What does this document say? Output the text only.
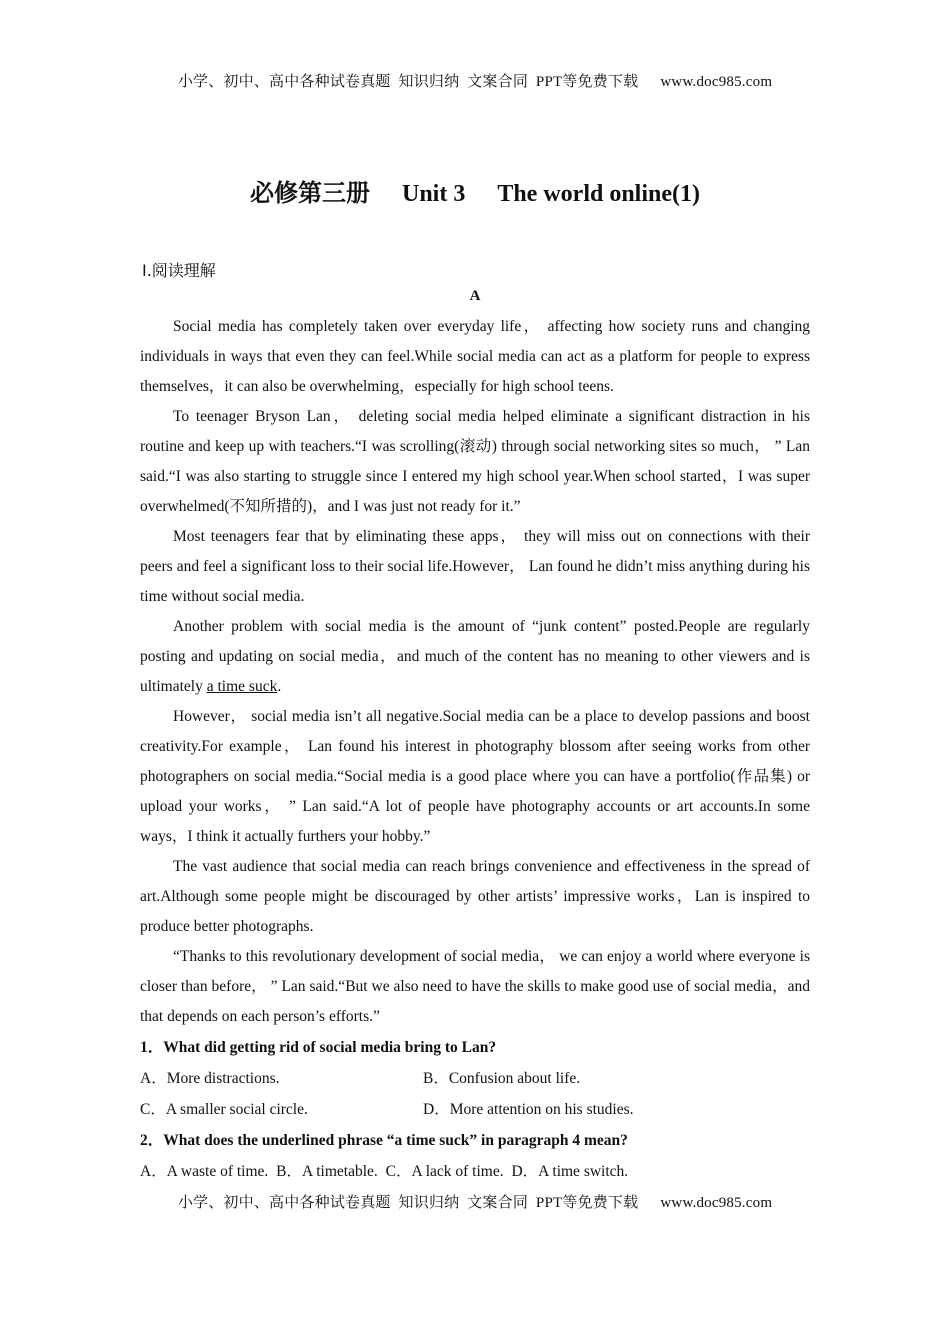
小学、初中、高中各种试卷真题  知识归纳  文案合同  PPT等免费下载 www.doc985.com
必修第三册 Unit 3 The world online(1)
Ⅰ.阅读理解
A

Social media has completely taken over everyday life， affecting how society runs and changing individuals in ways that even they can feel.While social media can act as a platform for people to express themselves，it can also be overwhelming，especially for high school teens.

To teenager Bryson Lan， deleting social media helped eliminate a significant distraction in his routine and keep up with teachers.“I was scrolling(滚动) through social networking sites so much， ” Lan said.“I was also starting to struggle since I entered my high school year.When school started，I was super overwhelmed(不知所措的)，and I was just not ready for it.”

Most teenagers fear that by eliminating these apps， they will miss out on connections with their peers and feel a significant loss to their social life.However， Lan found he didn’t miss anything during his time without social media.

Another problem with social media is the amount of “junk content” posted.People are regularly posting and updating on social media，and much of the content has no meaning to other viewers and is ultimately a time suck.

However， social media isn’t all negative.Social media can be a place to develop passions and boost creativity.For example， Lan found his interest in photography blossom after seeing works from other photographers on social media.“Social media is a good place where you can have a portfolio(作品集) or upload your works， ” Lan said.“A lot of people have photography accounts or art accounts.In some ways，I think it actually furthers your hobby.”

The vast audience that social media can reach brings convenience and effectiveness in the spread of art.Although some people might be discouraged by other artists’ impressive works，Lan is inspired to produce better photographs.

“Thanks to this revolutionary development of social media， we can enjoy a world where everyone is closer than before， ” Lan said.“But we also need to have the skills to make good use of social media，and that depends on each person’s efforts.”

1．What did getting rid of social media bring to Lan?
A．More distractions.	B．Confusion about life.
C．A smaller social circle.	D．More attention on his studies.
2．What does the underlined phrase “a time suck” in paragraph 4 mean?
A．A waste of time. B．A timetable. C．A lack of time. D．A time switch.
小学、初中、高中各种试卷真题  知识归纳  文案合同  PPT等免费下载 www.doc985.com
